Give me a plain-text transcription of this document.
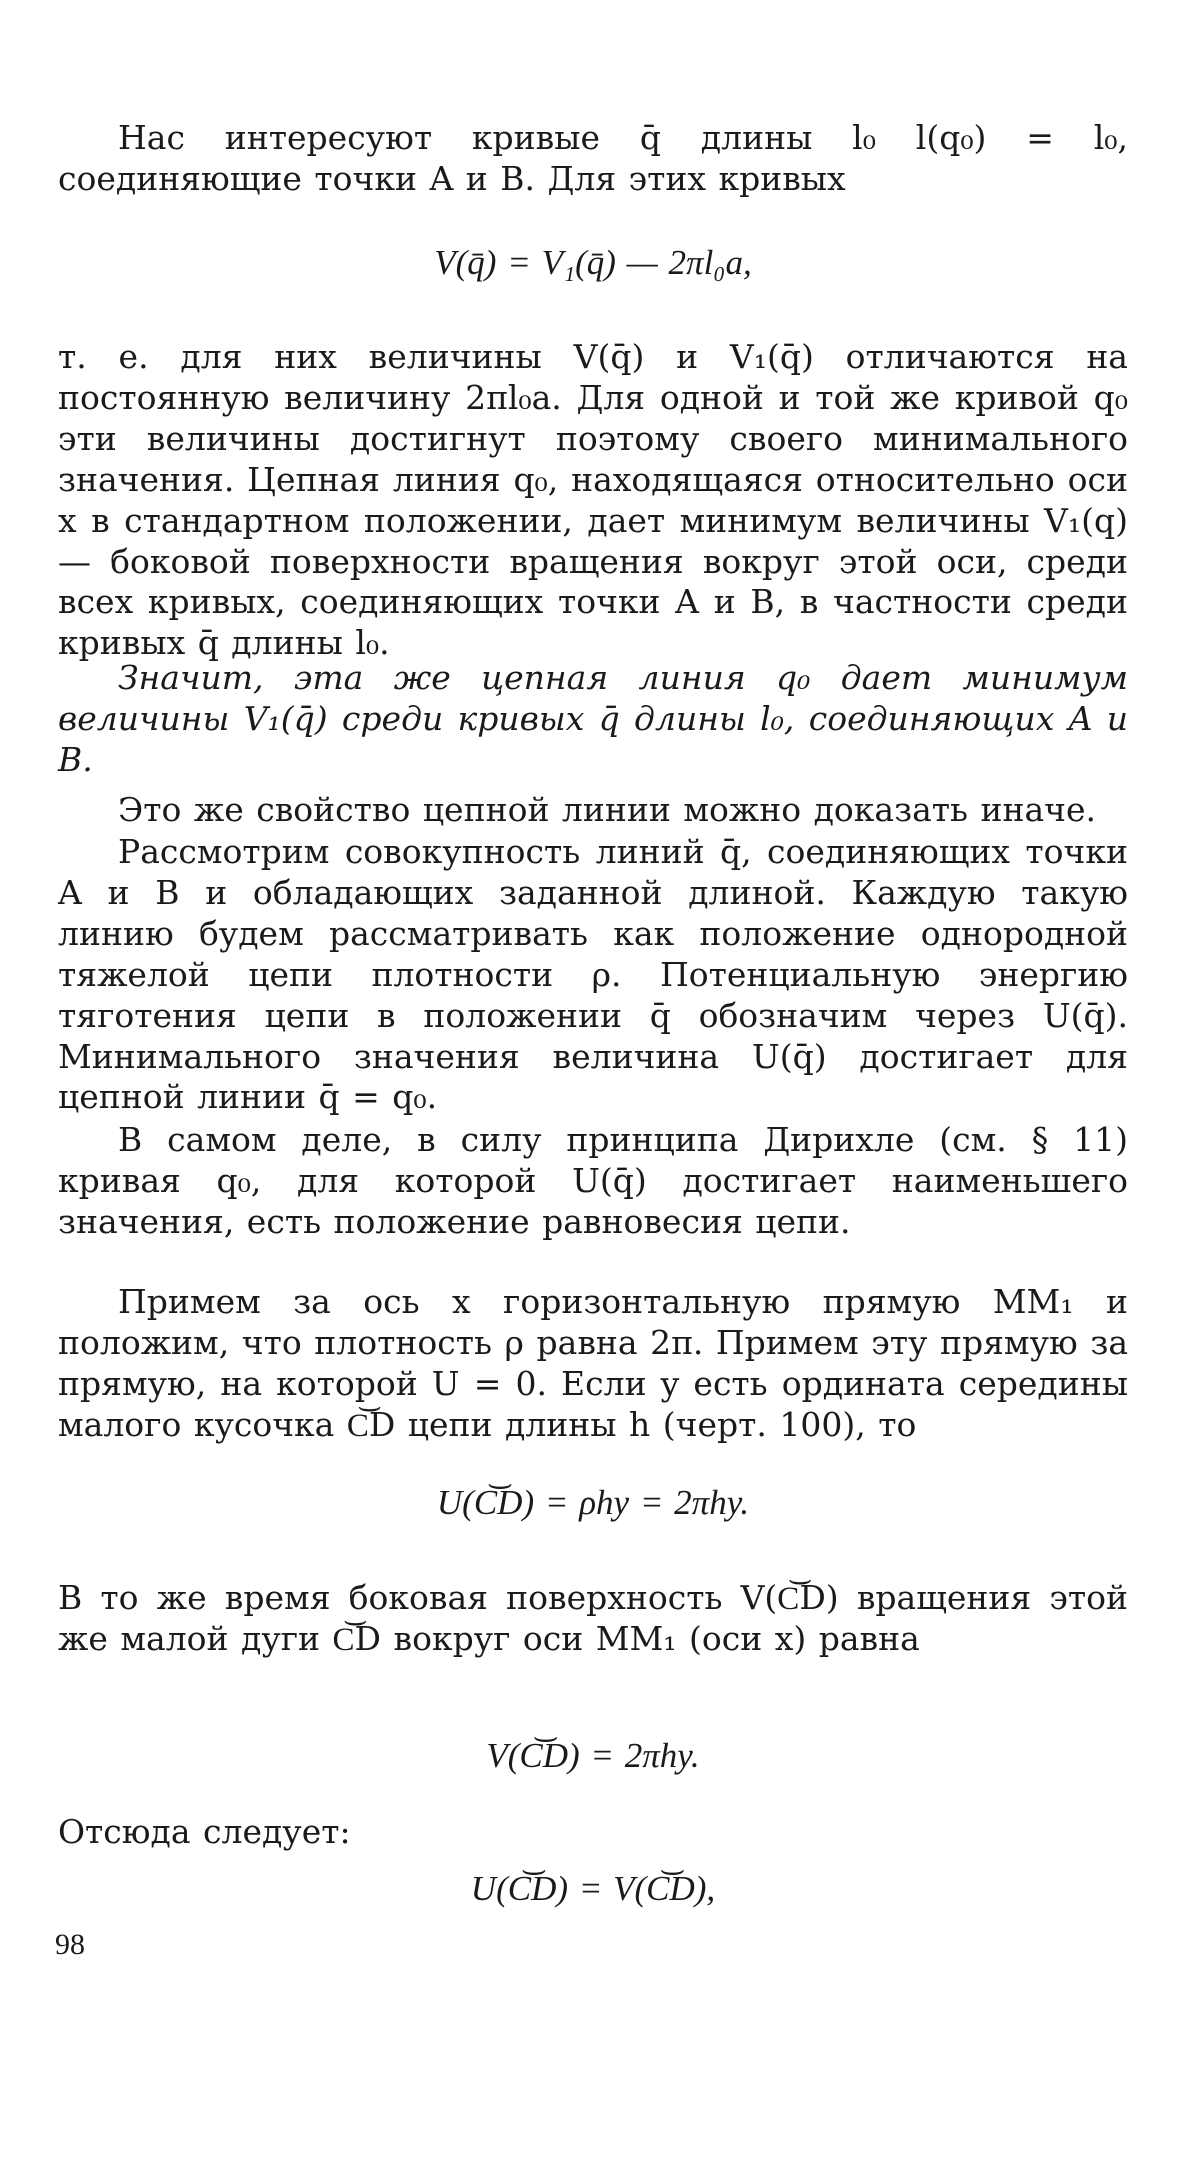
Нас интересуют кривые q̄ длины l₀ l(q₀) = l₀, соединяющие точки A и B. Для этих кривых

V(q̄) = V₁(q̄) — 2πl₀a,

т. е. для них величины V(q̄) и V₁(q̄) отличаются на постоянную величину 2πl₀a. Для одной и той же кривой q₀ эти величины достигнут поэтому своего минимального значения. Цепная линия q₀, находящаяся относительно оси x в стандартном положении, дает минимум величины V₁(q) — боковой поверхности вращения вокруг этой оси, среди всех кривых, соединяющих точки A и B, в частности среди кривых q̄ длины l₀.

Значит, эта же цепная линия q₀ дает минимум величины V₁(q̄) среди кривых q̄ длины l₀, соединяющих A и B.

Это же свойство цепной линии можно доказать иначе.

Рассмотрим совокупность линий q̄, соединяющих точки A и B и обладающих заданной длиной. Каждую такую линию будем рассматривать как положение однородной тяжелой цепи плотности ρ. Потенциальную энергию тяготения цепи в положении q̄ обозначим через U(q̄). Минимального значения величина U(q̄) достигает для цепной линии q̄ = q₀.

В самом деле, в силу принципа Дирихле (см. § 11) кривая q₀, для которой U(q̄) достигает наименьшего значения, есть положение равновесия цепи.

Примем за ось x горизонтальную прямую MM₁ и положим, что плотность ρ равна 2π. Примем эту прямую за прямую, на которой U = 0. Если y есть ордината середины малого кусочка C͝D цепи длины h (черт. 100), то

U(C͝D) = ρhy = 2πhy.

В то же время боковая поверхность V(C͝D) вращения этой же малой дуги C͝D вокруг оси MM₁ (оси x) равна

V(C͝D) = 2πhy.

Отсюда следует:

U(C͝D) = V(C͝D),

98
